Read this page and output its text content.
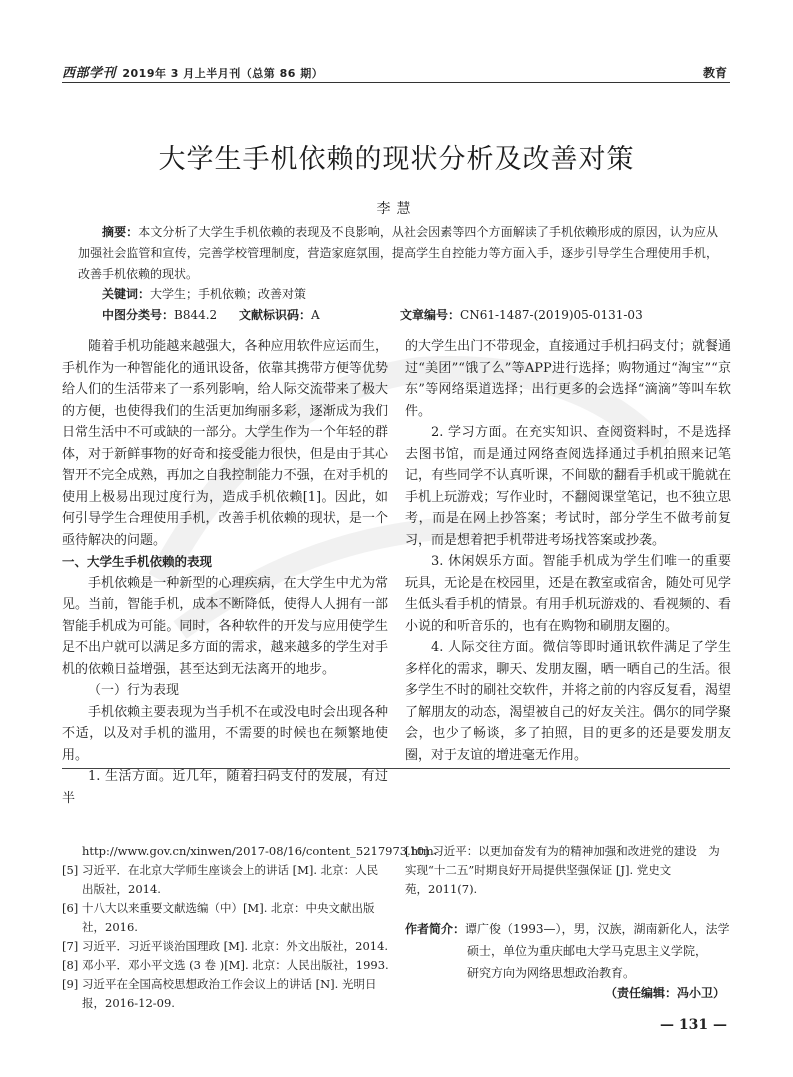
西部学刊 2019年 3 月上半月刊（总第 86 期）	教育
大学生手机依赖的现状分析及改善对策
李慧
摘要：本文分析了大学生手机依赖的表现及不良影响，从社会因素等四个方面解读了手机依赖形成的原因，认为应从加强社会监管和宣传，完善学校管理制度，营造家庭氛围，提高学生自控能力等方面入手，逐步引导学生合理使用手机，改善手机依赖的现状。
关键词：大学生；手机依赖；改善对策
中图分类号：B844.2 文献标识码：A	文章编号：CN61-1487-(2019)05-0131-03

随着手机功能越来越强大，各种应用软件应运而生，手机作为一种智能化的通讯设备，依靠其携带方便等优势给人们的生活带来了一系列影响，给人际交流带来了极大的方便，也使得我们的生活更加绚丽多彩，逐渐成为我们日常生活中不可或缺的一部分。大学生作为一个年轻的群体，对于新鲜事物的好奇和接受能力很快，但是由于其心智开不完全成熟，再加之自我控制能力不强，在对手机的使用上极易出现过度行为，造成手机依赖[1]。因此，如何引导学生合理使用手机，改善手机依赖的现状，是一个亟待解决的问题。

一、大学生手机依赖的表现

手机依赖是一种新型的心理疾病，在大学生中尤为常见。当前，智能手机，成本不断降低，使得人人拥有一部智能手机成为可能。同时，各种软件的开发与应用使学生足不出户就可以满足多方面的需求，越来越多的学生对手机的依赖日益增强，甚至达到无法离开的地步。

（一）行为表现

手机依赖主要表现为当手机不在或没电时会出现各种不适，以及对手机的滥用，不需要的时候也在频繁地使用。

1. 生活方面。近几年，随着扫码支付的发展，有过半

的大学生出门不带现金，直接通过手机扫码支付；就餐通过“美团”“饿了么”等APP进行选择；购物通过“淘宝”“京东”等网络渠道选择；出行更多的会选择“滴滴”等叫车软件。

2. 学习方面。在充实知识、查阅资料时，不是选择去图书馆，而是通过网络查阅选择通过手机拍照来记笔记，有些同学不认真听课，不间歇的翻看手机或干脆就在手机上玩游戏；写作业时，不翻阅课堂笔记，也不独立思考，而是在网上抄答案；考试时，部分学生不做考前复习，而是想着把手机带进考场找答案或抄袭。

3. 休闲娱乐方面。智能手机成为学生们唯一的重要玩具，无论是在校园里，还是在教室或宿舍，随处可见学生低头看手机的情景。有用手机玩游戏的、看视频的、看小说的和听音乐的，也有在购物和刷朋友圈的。

4. 人际交往方面。微信等即时通讯软件满足了学生多样化的需求，聊天、发朋友圈，晒一晒自己的生活。很多学生不时的刷社交软件，并将之前的内容反复看，渴望了解朋友的动态，渴望被自己的好友关注。偶尔的同学聚会，也少了畅谈，多了拍照，目的更多的还是要发朋友圈，对于友谊的增进毫无作用。

http://www.gov.cn/xinwen/2017-08/16/content_5217973.htm.
[5] 习近平．在北京大学师生座谈会上的讲话 [M]. 北京：人民
出版社，2014.
[6] 十八大以来重要文献选编（中）[M]. 北京：中央文献出版
社，2016.
[7] 习近平．习近平谈治国理政 [M]. 北京：外文出版社，2014.
[8] 邓小平．邓小平文选 (3 卷 )[M]. 北京：人民出版社，1993.
[9] 习近平在全国高校思想政治工作会议上的讲话 [N]. 光明日
报，2016-12-09.
[10] 习近平：以更加奋发有为的精神加强和改进党的建设　为
实现“十二五”时期良好开局提供坚强保证 [J]. 党史文
苑，2011(7).
作者简介：谭广俊（1993—），男，汉族，湖南新化人，法学
硕士，单位为重庆邮电大学马克思主义学院，
研究方向为网络思想政治教育。
（责任编辑：冯小卫）
— 131 —
